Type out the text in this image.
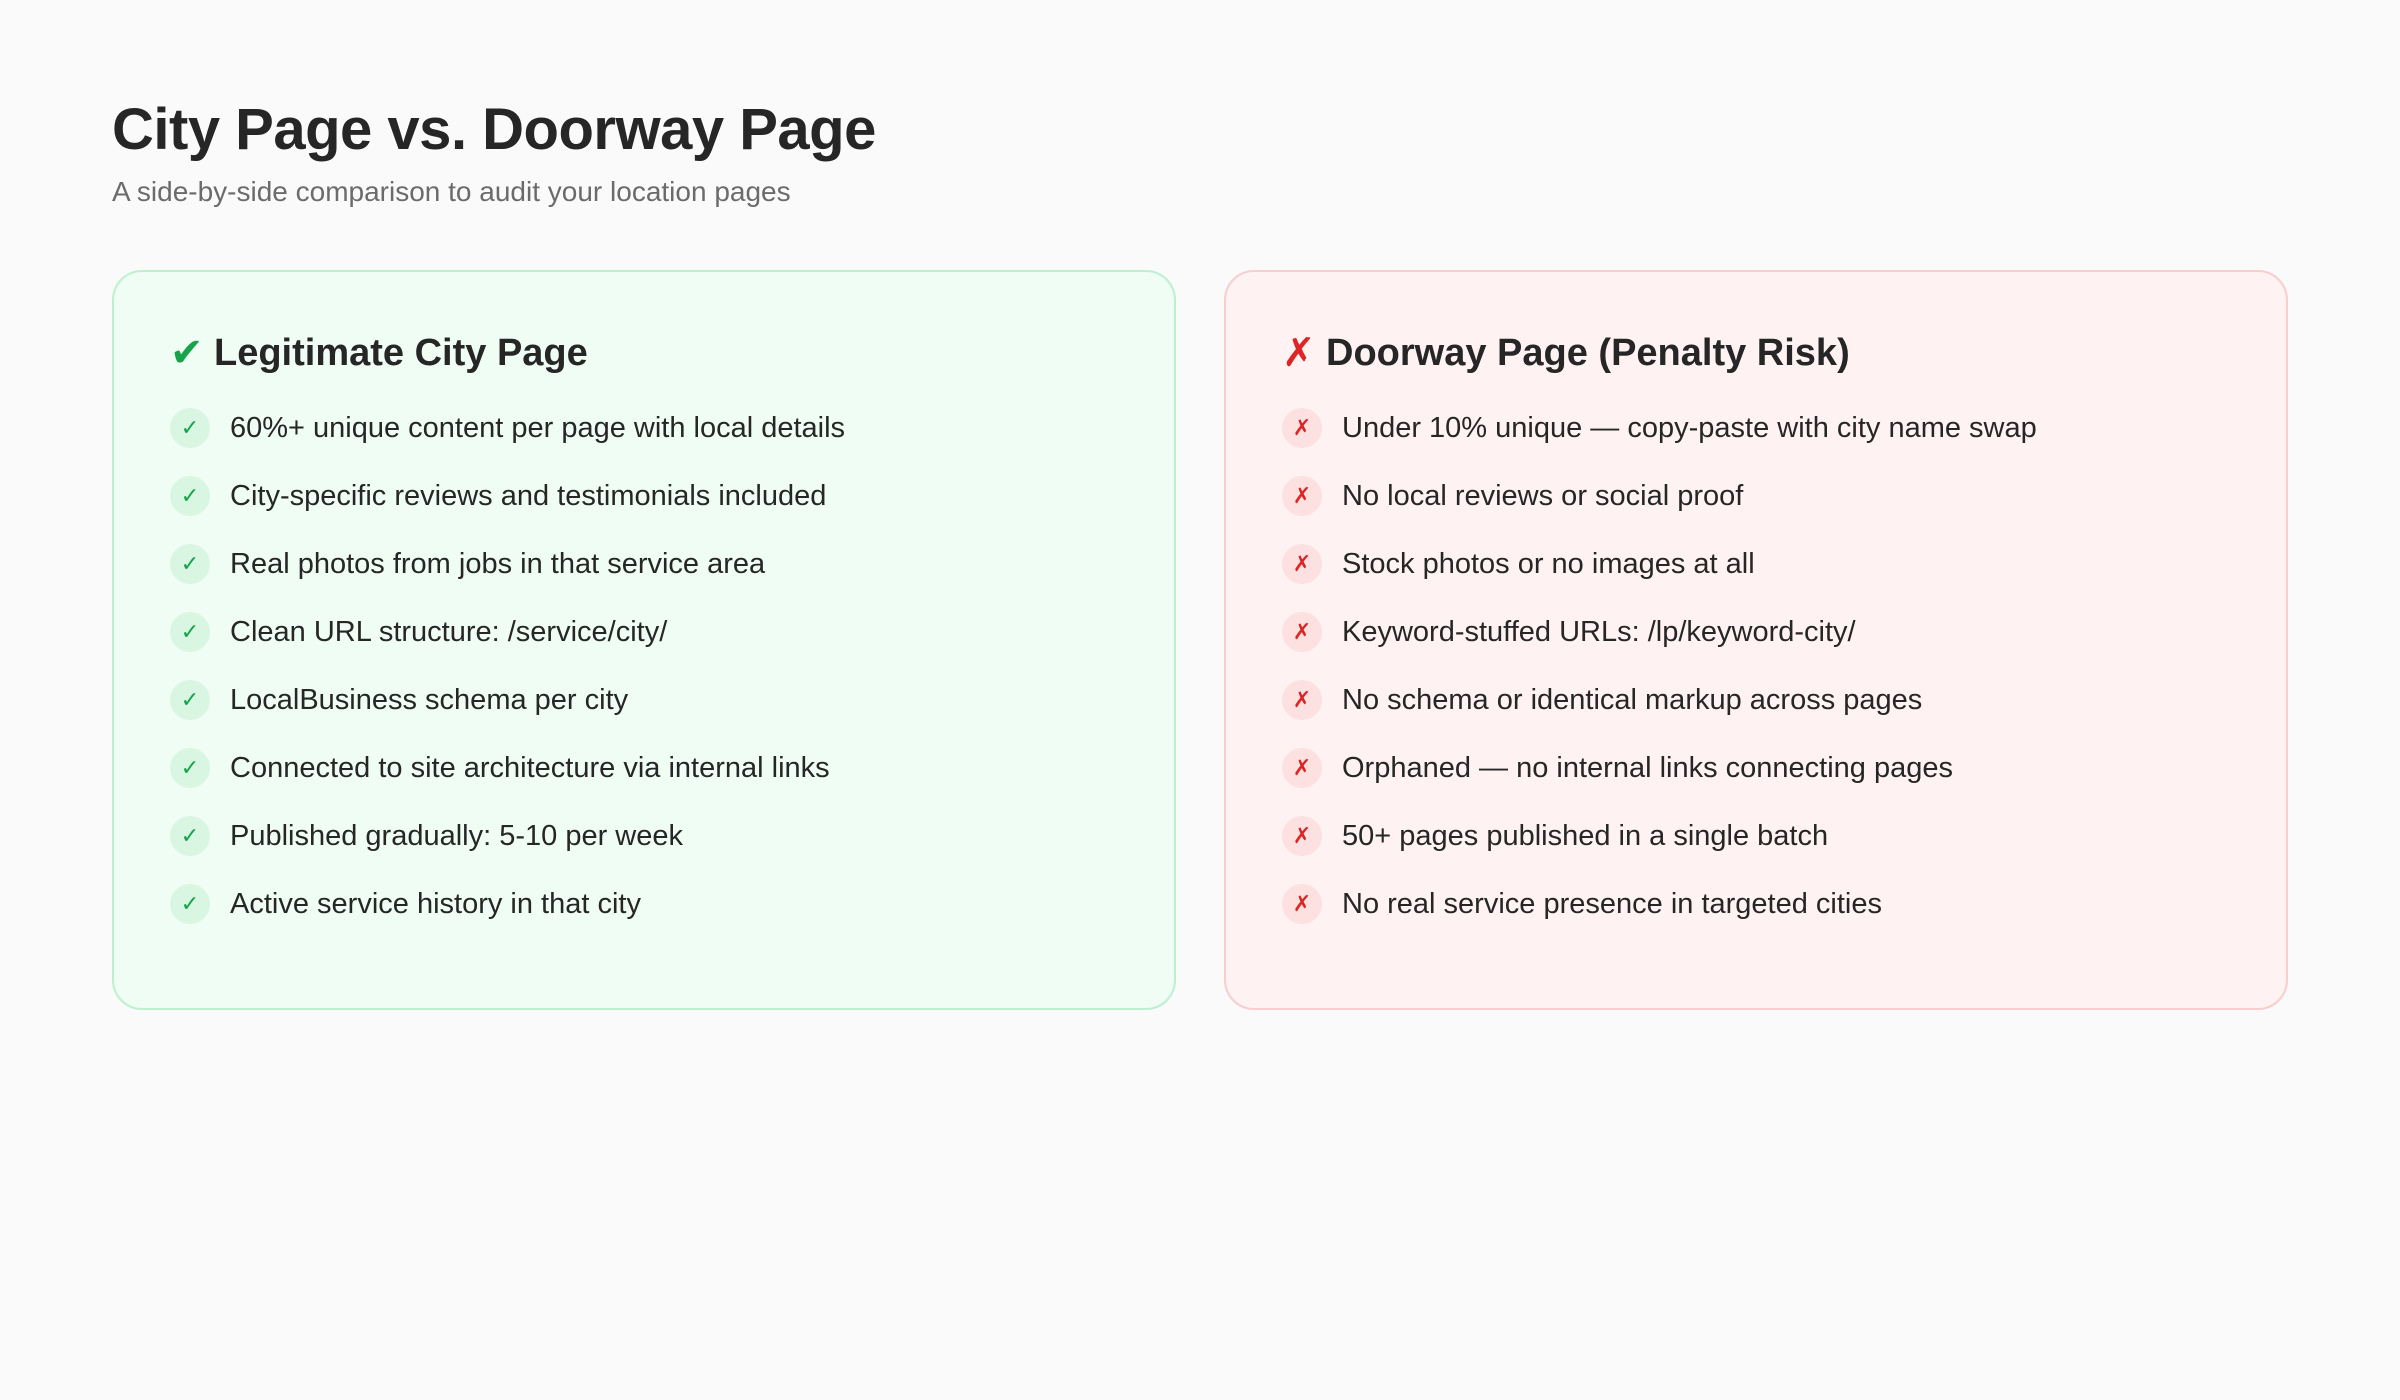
City Page vs. Doorway Page

A side-by-side comparison to audit your location pages

✔ Legitimate City Page
✓	60%+ unique content per page with local details
✓	City-specific reviews and testimonials included
✓	Real photos from jobs in that service area
✓	Clean URL structure: /service/city/
✓	LocalBusiness schema per city
✓	Connected to site architecture via internal links
✓	Published gradually: 5-10 per week
✓	Active service history in that city
✗ Doorway Page (Penalty Risk)
✗	Under 10% unique — copy-paste with city name swap
✗	No local reviews or social proof
✗	Stock photos or no images at all
✗	Keyword-stuffed URLs: /lp/keyword-city/
✗	No schema or identical markup across pages
✗	Orphaned — no internal links connecting pages
✗	50+ pages published in a single batch
✗	No real service presence in targeted cities
